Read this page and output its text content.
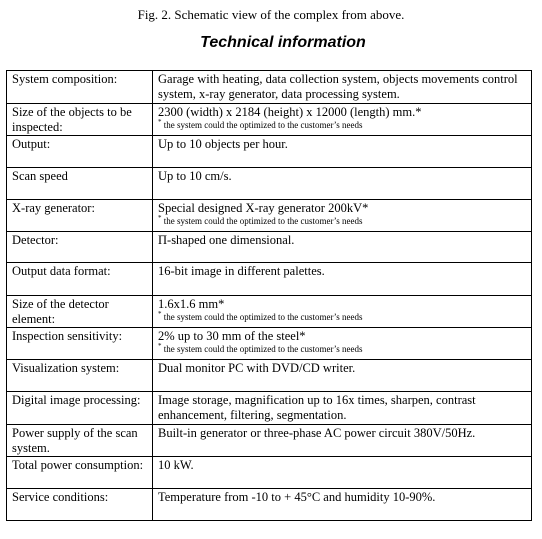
Fig. 2. Schematic view of the complex from above.
Technical information
System composition:	Garage with heating, data collection system, objects movements control system, x-ray generator, data processing system.
Size of the objects to be inspected:	2300 (width) x 2184 (height) x 12000 (length) mm.*
* the system could the optimized to the customer’s needs

Output:	Up to 10 objects per hour.
Scan speed	Up to 10 cm/s.
X-ray generator:	Special designed X-ray generator 200kV*
* the system could the optimized to the customer’s needs

Detector:	Π-shaped one dimensional.
Output data format:	16-bit image in different palettes.
Size of the detector element:	1.6x1.6 mm*
* the system could the optimized to the customer’s needs

Inspection sensitivity:	2% up to 30 mm of the steel*
* the system could the optimized to the customer’s needs

Visualization system:	Dual monitor PC with DVD/CD writer.
Digital image processing:	Image storage, magnification up to 16x times, sharpen, contrast enhancement, filtering, segmentation.
Power supply of the scan system.	Built-in generator or three-phase AC power circuit 380V/50Hz.
Total power consumption:	10 kW.
Service conditions:	Temperature from -10 to + 45°C and humidity 10-90%.
